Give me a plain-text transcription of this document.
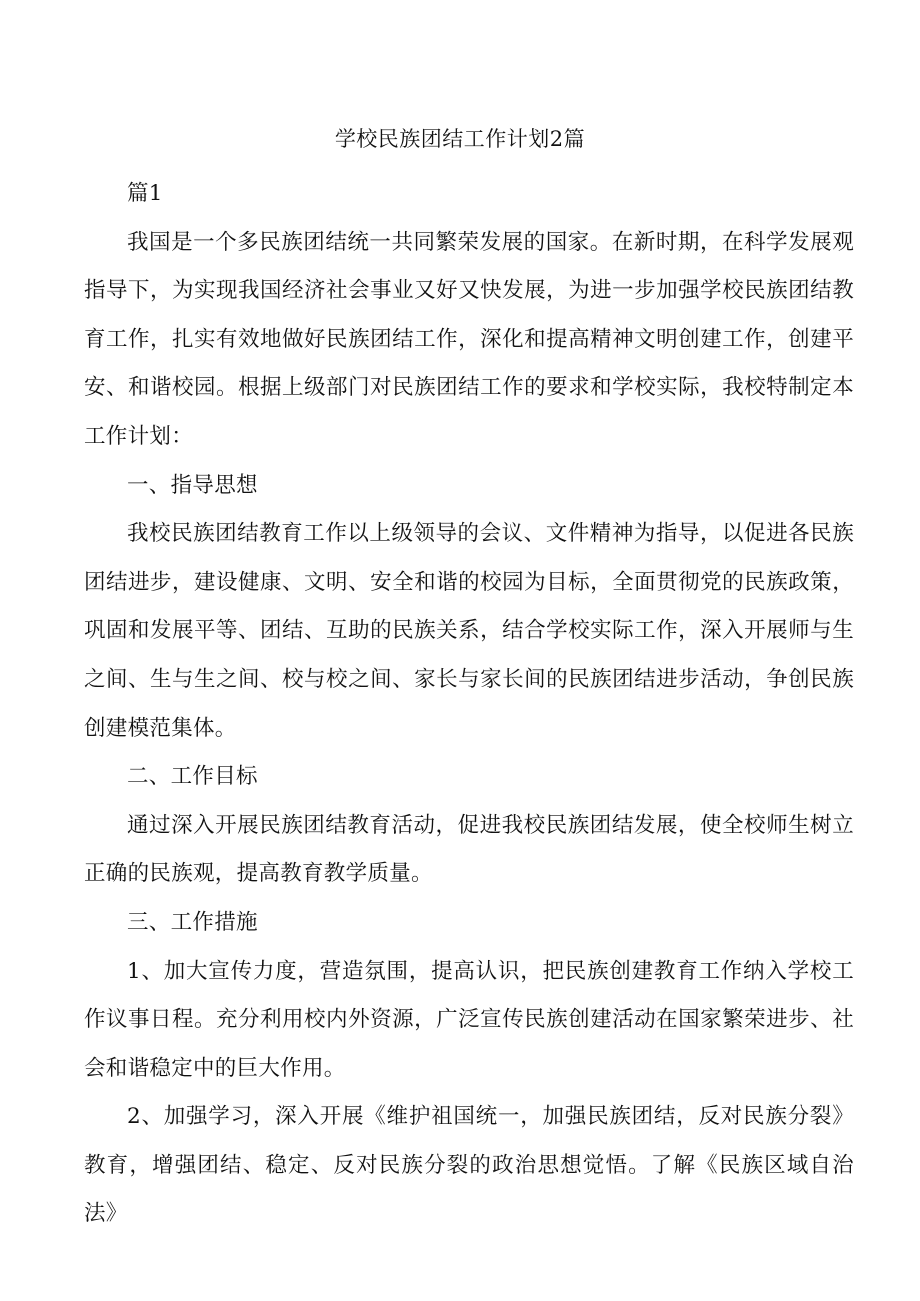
学校民族团结工作计划2篇

篇1

我国是一个多民族团结统一共同繁荣发展的国家。在新时期，在科学发展观指导下，为实现我国经济社会事业又好又快发展，为进一步加强学校民族团结教育工作，扎实有效地做好民族团结工作，深化和提高精神文明创建工作，创建平安、和谐校园。根据上级部门对民族团结工作的要求和学校实际，我校特制定本工作计划：

一、指导思想

我校民族团结教育工作以上级领导的会议、文件精神为指导，以促进各民族团结进步，建设健康、文明、安全和谐的校园为目标，全面贯彻党的民族政策，巩固和发展平等、团结、互助的民族关系，结合学校实际工作，深入开展师与生之间、生与生之间、校与校之间、家长与家长间的民族团结进步活动，争创民族创建模范集体。

二、工作目标

通过深入开展民族团结教育活动，促进我校民族团结发展，使全校师生树立正确的民族观，提高教育教学质量。

三、工作措施

1、加大宣传力度，营造氛围，提高认识，把民族创建教育工作纳入学校工作议事日程。充分利用校内外资源，广泛宣传民族创建活动在国家繁荣进步、社会和谐稳定中的巨大作用。

2、加强学习，深入开展《维护祖国统一，加强民族团结，反对民族分裂》教育，增强团结、稳定、反对民族分裂的政治思想觉悟。了解《民族区域自治法》
